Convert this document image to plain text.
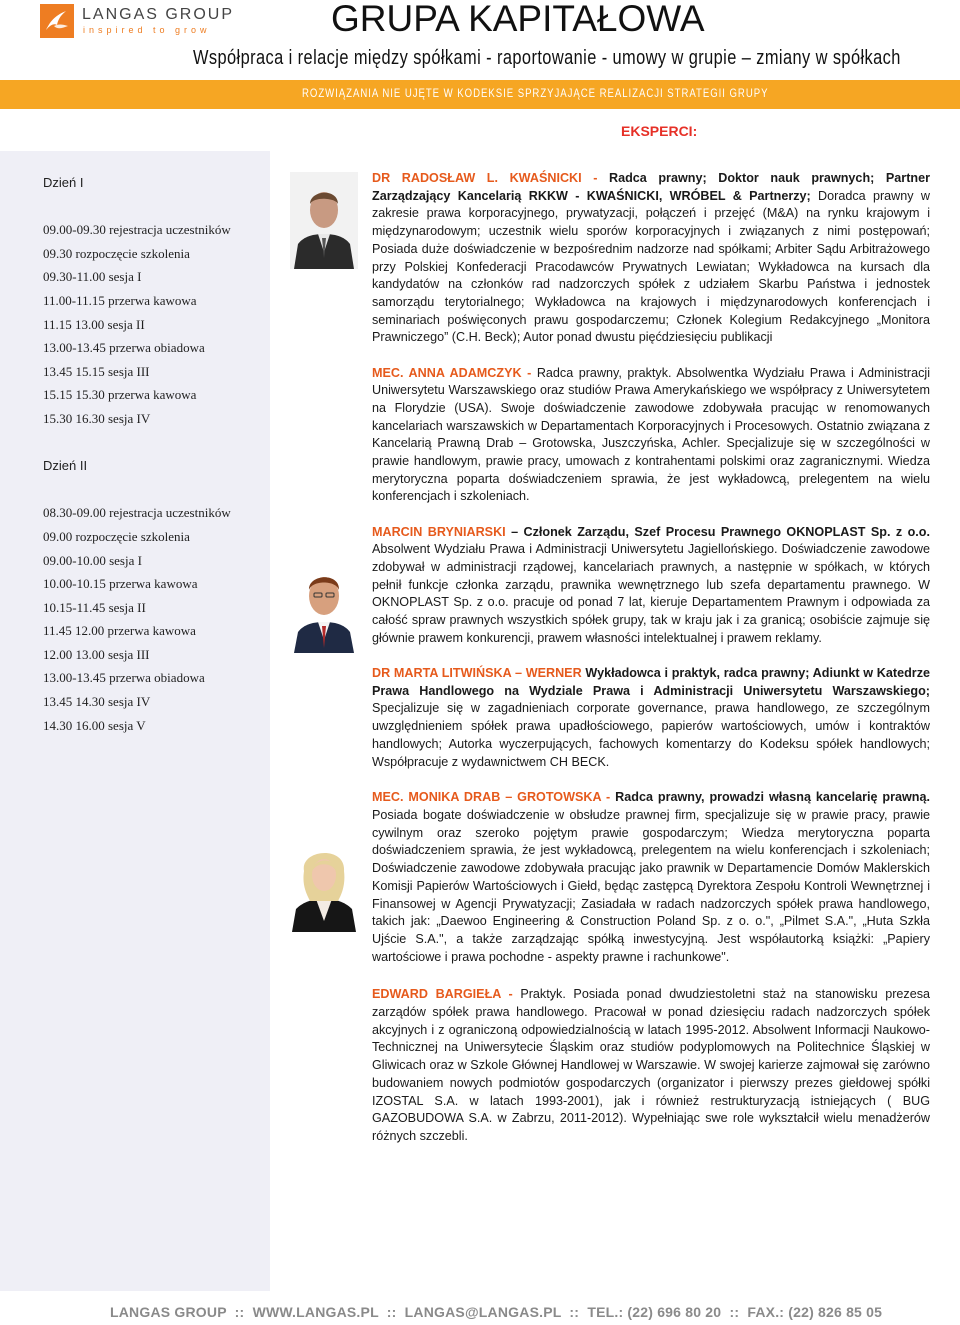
LANGAS GROUP
inspired to grow	GRUPA KAPITAŁOWA
Współpraca i relacje między spółkami - raportowanie - umowy w grupie – zmiany w spółkach
ROZWIĄZANIA NIE UJĘTE W KODEKSIE SPRZYJAJĄCE REALIZACJI STRATEGII GRUPY
EKSPERCI:
Dzień I
09.00-09.30 rejestracja uczestników
09.30 rozpoczęcie szkolenia
09.30-11.00 sesja I
11.00-11.15 przerwa kawowa
11.15 13.00 sesja II
13.00-13.45 przerwa obiadowa
13.45 15.15 sesja III
15.15 15.30 przerwa kawowa
15.30 16.30 sesja IV
Dzień II
08.30-09.00 rejestracja uczestników
09.00 rozpoczęcie szkolenia
09.00-10.00 sesja I
10.00-10.15 przerwa kawowa
10.15-11.45 sesja II
11.45 12.00 przerwa kawowa
12.00 13.00 sesja III
13.00-13.45 przerwa obiadowa
13.45 14.30 sesja IV
14.30 16.00 sesja V

DR RADOSŁAW L. KWAŚNICKI - Radca prawny; Doktor nauk prawnych; Partner Zarządzający Kancelarią RKKW - KWAŚNICKI, WRÓBEL & Partnerzy; Doradca prawny w zakresie prawa korporacyjnego, prywatyzacji, połączeń i przejęć (M&A) na rynku krajowym i międzynarodowym; uczestnik wielu sporów korporacyjnych i związanych z nimi postępowań; Posiada duże doświadczenie w bezpośrednim nadzorze nad spółkami; Arbiter Sądu Arbitrażowego przy Polskiej Konfederacji Pracodawców Prywatnych Lewiatan; Wykładowca na kursach dla kandydatów na członków rad nadzorczych spółek z udziałem Skarbu Państwa i jednostek samorządu terytorialnego; Wykładowca na krajowych i międzynarodowych konferencjach i seminariach poświęconych prawu gospodarczemu; Członek Kolegium Redakcyjnego „Monitora Prawniczego” (C.H. Beck); Autor ponad dwustu pięćdziesięciu publikacji

MEC. ANNA ADAMCZYK - Radca prawny, praktyk. Absolwentka Wydziału Prawa i Administracji Uniwersytetu Warszawskiego oraz studiów Prawa Amerykańskiego we współpracy z Uniwersytetem na Florydzie (USA). Swoje doświadczenie zawodowe zdobywała pracując w renomowanych kancelariach warszawskich w Departamentach Korporacyjnych i Procesowych. Ostatnio związana z Kancelarią Prawną Drab – Grotowska, Juszczyńska, Achler. Specjalizuje się w szczególności w prawie handlowym, prawie pracy, umowach z kontrahentami polskimi oraz zagranicznymi. Wiedza merytoryczna poparta doświadczeniem sprawia, że jest wykładowcą, prelegentem na wielu konferencjach i szkoleniach.

MARCIN BRYNIARSKI – Członek Zarządu, Szef Procesu Prawnego OKNOPLAST Sp. z o.o. Absolwent Wydziału Prawa i Administracji Uniwersytetu Jagiellońskiego. Doświadczenie zawodowe zdobywał w administracji rządowej, kancelariach prawnych, a następnie w spółkach, w których pełnił funkcje członka zarządu, prawnika wewnętrznego lub szefa departamentu prawnego. W OKNOPLAST Sp. z o.o. pracuje od ponad 7 lat, kieruje Departamentem Prawnym i odpowiada za całość spraw prawnych wszystkich spółek grupy, tak w kraju jak i za granicą; osobiście zajmuje się głównie prawem konkurencji, prawem własności intelektualnej i prawem reklamy.

DR MARTA LITWIŃSKA – WERNER Wykładowca i praktyk, radca prawny; Adiunkt w Katedrze Prawa Handlowego na Wydziale Prawa i Administracji Uniwersytetu Warszawskiego; Specjalizuje się w zagadnieniach corporate governance, prawa handlowego, ze szczególnym uwzględnieniem spółek prawa upadłościowego, papierów wartościowych, umów i kontraktów handlowych; Autorka wyczerpujących, fachowych komentarzy do Kodeksu spółek handlowych; Współpracuje z wydawnictwem CH BECK.

MEC. MONIKA DRAB – GROTOWSKA - Radca prawny, prowadzi własną kancelarię prawną. Posiada bogate doświadczenie w obsłudze prawnej firm, specjalizuje się w prawie pracy, prawie cywilnym oraz szeroko pojętym prawie gospodarczym; Wiedza merytoryczna poparta doświadczeniem sprawia, że jest wykładowcą, prelegentem na wielu konferencjach i szkoleniach; Doświadczenie zawodowe zdobywała pracując jako prawnik w Departamencie Domów Maklerskich Komisji Papierów Wartościowych i Giełd, będąc zastępcą Dyrektora Zespołu Kontroli Wewnętrznej i Finansowej w Agencji Prywatyzacji; Zasiadała w radach nadzorczych spółek prawa handlowego, takich jak: „Daewoo Engineering & Construction Poland Sp. z o. o.", „Pilmet S.A.", „Huta Szkła Ujście S.A.", a także zarządzając spółką inwestycyjną. Jest współautorką książki: „Papiery wartościowe i prawa pochodne - aspekty prawne i rachunkowe".

EDWARD BARGIEŁA - Praktyk. Posiada ponad dwudziestoletni staż na stanowisku prezesa zarządów spółek prawa handlowego. Pracował w ponad dziesięciu radach nadzorczych spółek akcyjnych i z ograniczoną odpowiedzialnością w latach 1995-2012. Absolwent Informacji Naukowo-Technicznej na Uniwersytecie Śląskim oraz studiów podyplomowych na Politechnice Śląskiej w Gliwicach oraz w Szkole Głównej Handlowej w Warszawie. W swojej karierze zajmował się zarówno budowaniem nowych podmiotów gospodarczych (organizator i pierwszy prezes giełdowej spółki IZOSTAL S.A. w latach 1993-2001), jak i również restrukturyzacją istniejących ( BUG GAZOBUDOWA S.A. w Zabrzu, 2011-2012). Wypełniając swe role wykształcił wielu menadżerów różnych szczebli.

LANGAS GROUP  ::  WWW.LANGAS.PL  ::  LANGAS@LANGAS.PL  ::  TEL.: (22) 696 80 20  ::  FAX.: (22) 826 85 05
